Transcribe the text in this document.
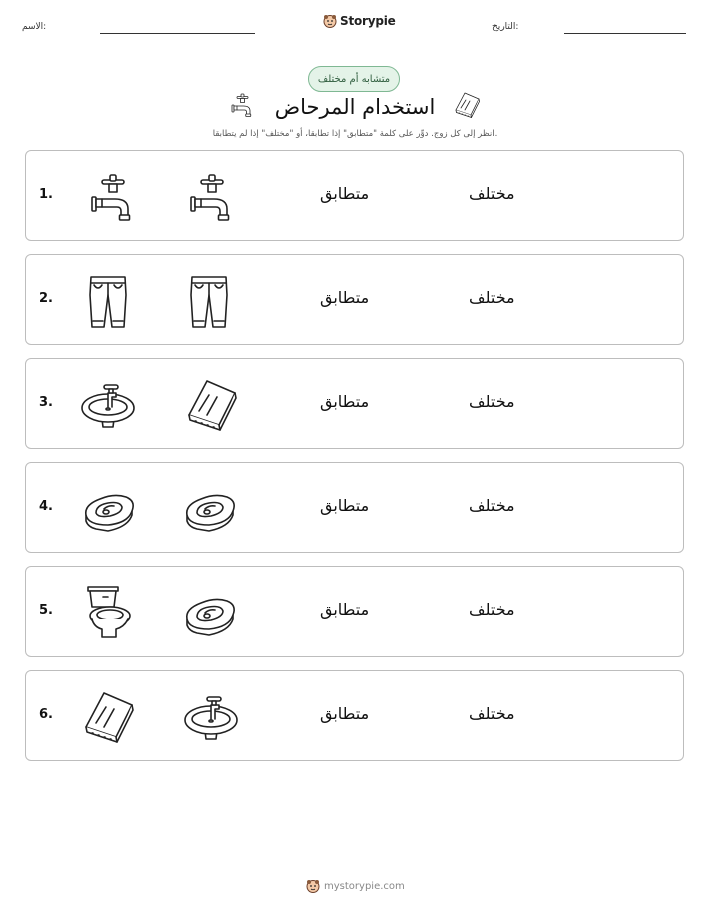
الاسم:	Storypie	التاريخ:
متشابه أم مختلف
استخدام المرحاض
انظر إلى كل زوج. دوِّر على كلمة "متطابق" إذا تطابقا، أو "مختلف" إذا لم يتطابقا.
1.	متطابق	مختلف
2.	متطابق	مختلف
3.	متطابق	مختلف
4.	متطابق	مختلف
5.	متطابق	مختلف
6.	متطابق	مختلف
mystorypie.com
